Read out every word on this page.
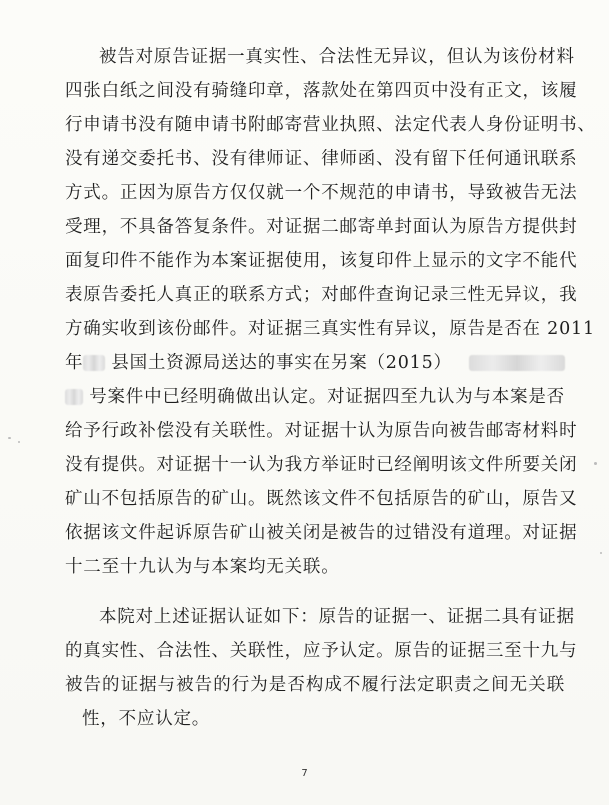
被告对原告证据一真实性、合法性无异议，但认为该份材料
四张白纸之间没有骑缝印章，落款处在第四页中没有正文，该履
行申请书没有随申请书附邮寄营业执照、法定代表人身份证明书、
没有递交委托书、没有律师证、律师函、没有留下任何通讯联系
方式。正因为原告方仅仅就一个不规范的申请书，导致被告无法
受理，不具备答复条件。对证据二邮寄单封面认为原告方提供封
面复印件不能作为本案证据使用，该复印件上显示的文字不能代
表原告委托人真正的联系方式；对邮件查询记录三性无异议，我
方确实收到该份邮件。对证据三真实性有异议，原告是否在 2011
年 县国土资源局送达的事实在另案（2015）
号案件中已经明确做出认定。对证据四至九认为与本案是否
给予行政补偿没有关联性。对证据十认为原告向被告邮寄材料时
没有提供。对证据十一认为我方举证时已经阐明该文件所要关闭
矿山不包括原告的矿山。既然该文件不包括原告的矿山，原告又
依据该文件起诉原告矿山被关闭是被告的过错没有道理。对证据
十二至十九认为与本案均无关联。
本院对上述证据认证如下：原告的证据一、证据二具有证据
的真实性、合法性、关联性，应予认定。原告的证据三至十九与
被告的证据与被告的行为是否构成不履行法定职责之间无关联
性，不应认定。
7
